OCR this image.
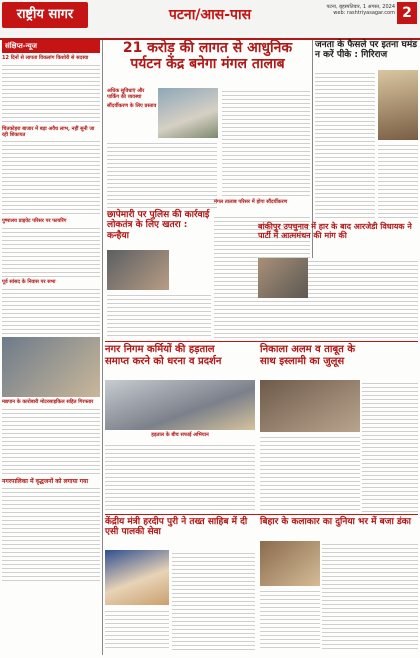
राष्ट्रीय सागर	पटना/आस-पास	पटना, बृहस्पतिवार, 1 अगस्त, 2024
web: rashtriyasagar.com 2
संक्षिप्त-न्यूज
12 दिनों से लापता विकलांग किशोरी से सदस्या
चितकोहरा बाजार में बड़ा अवैध लाभ, नहीं सुनी जा रही शिकायत
पुष्पालय प्राइवेट परिसर पर फायरिंग
पूर्व सांसद के निवास पर सभा
मद्यपान के कारोबारी मोटरसाइकिल सहित गिरफ्तार
नगरपालिका में वृद्धजनों को लगाया गया
21 करोड़ की लागत से आधुनिक
पर्यटन केंद्र बनेगा मंगल तालाब
अधिक सुविधाएं और पार्किंग की व्यवस्था
सौंदर्यीकरण के लिए प्रस्ताव
छापेमारी पर पुलिस की कार्रवाई लोकतंत्र के लिए खतरा : कन्हैया
मंगल तालाब परिसर में होगा सौंदर्यीकरण
जनता के फैसले पर इतना घमंड न करें पीके : गिरिराज
बांकीपुर उपचुनाव में हार के बाद आरजेडी विधायक ने पार्टी में आत्ममंथन की मांग की
नगर निगम कर्मियों की हड़ताल
समाप्त करने को धरना व प्रदर्शन
हड़ताल के बीच सफाई अभियान
निकाला अलम व ताबूत के
साथ इस्लामी का जुलूस
केंद्रीय मंत्री हरदीप पुरी ने तख्त साहिब में दी एसी पालकी सेवा
बिहार के कलाकार का दुनिया भर में बजा डंका
